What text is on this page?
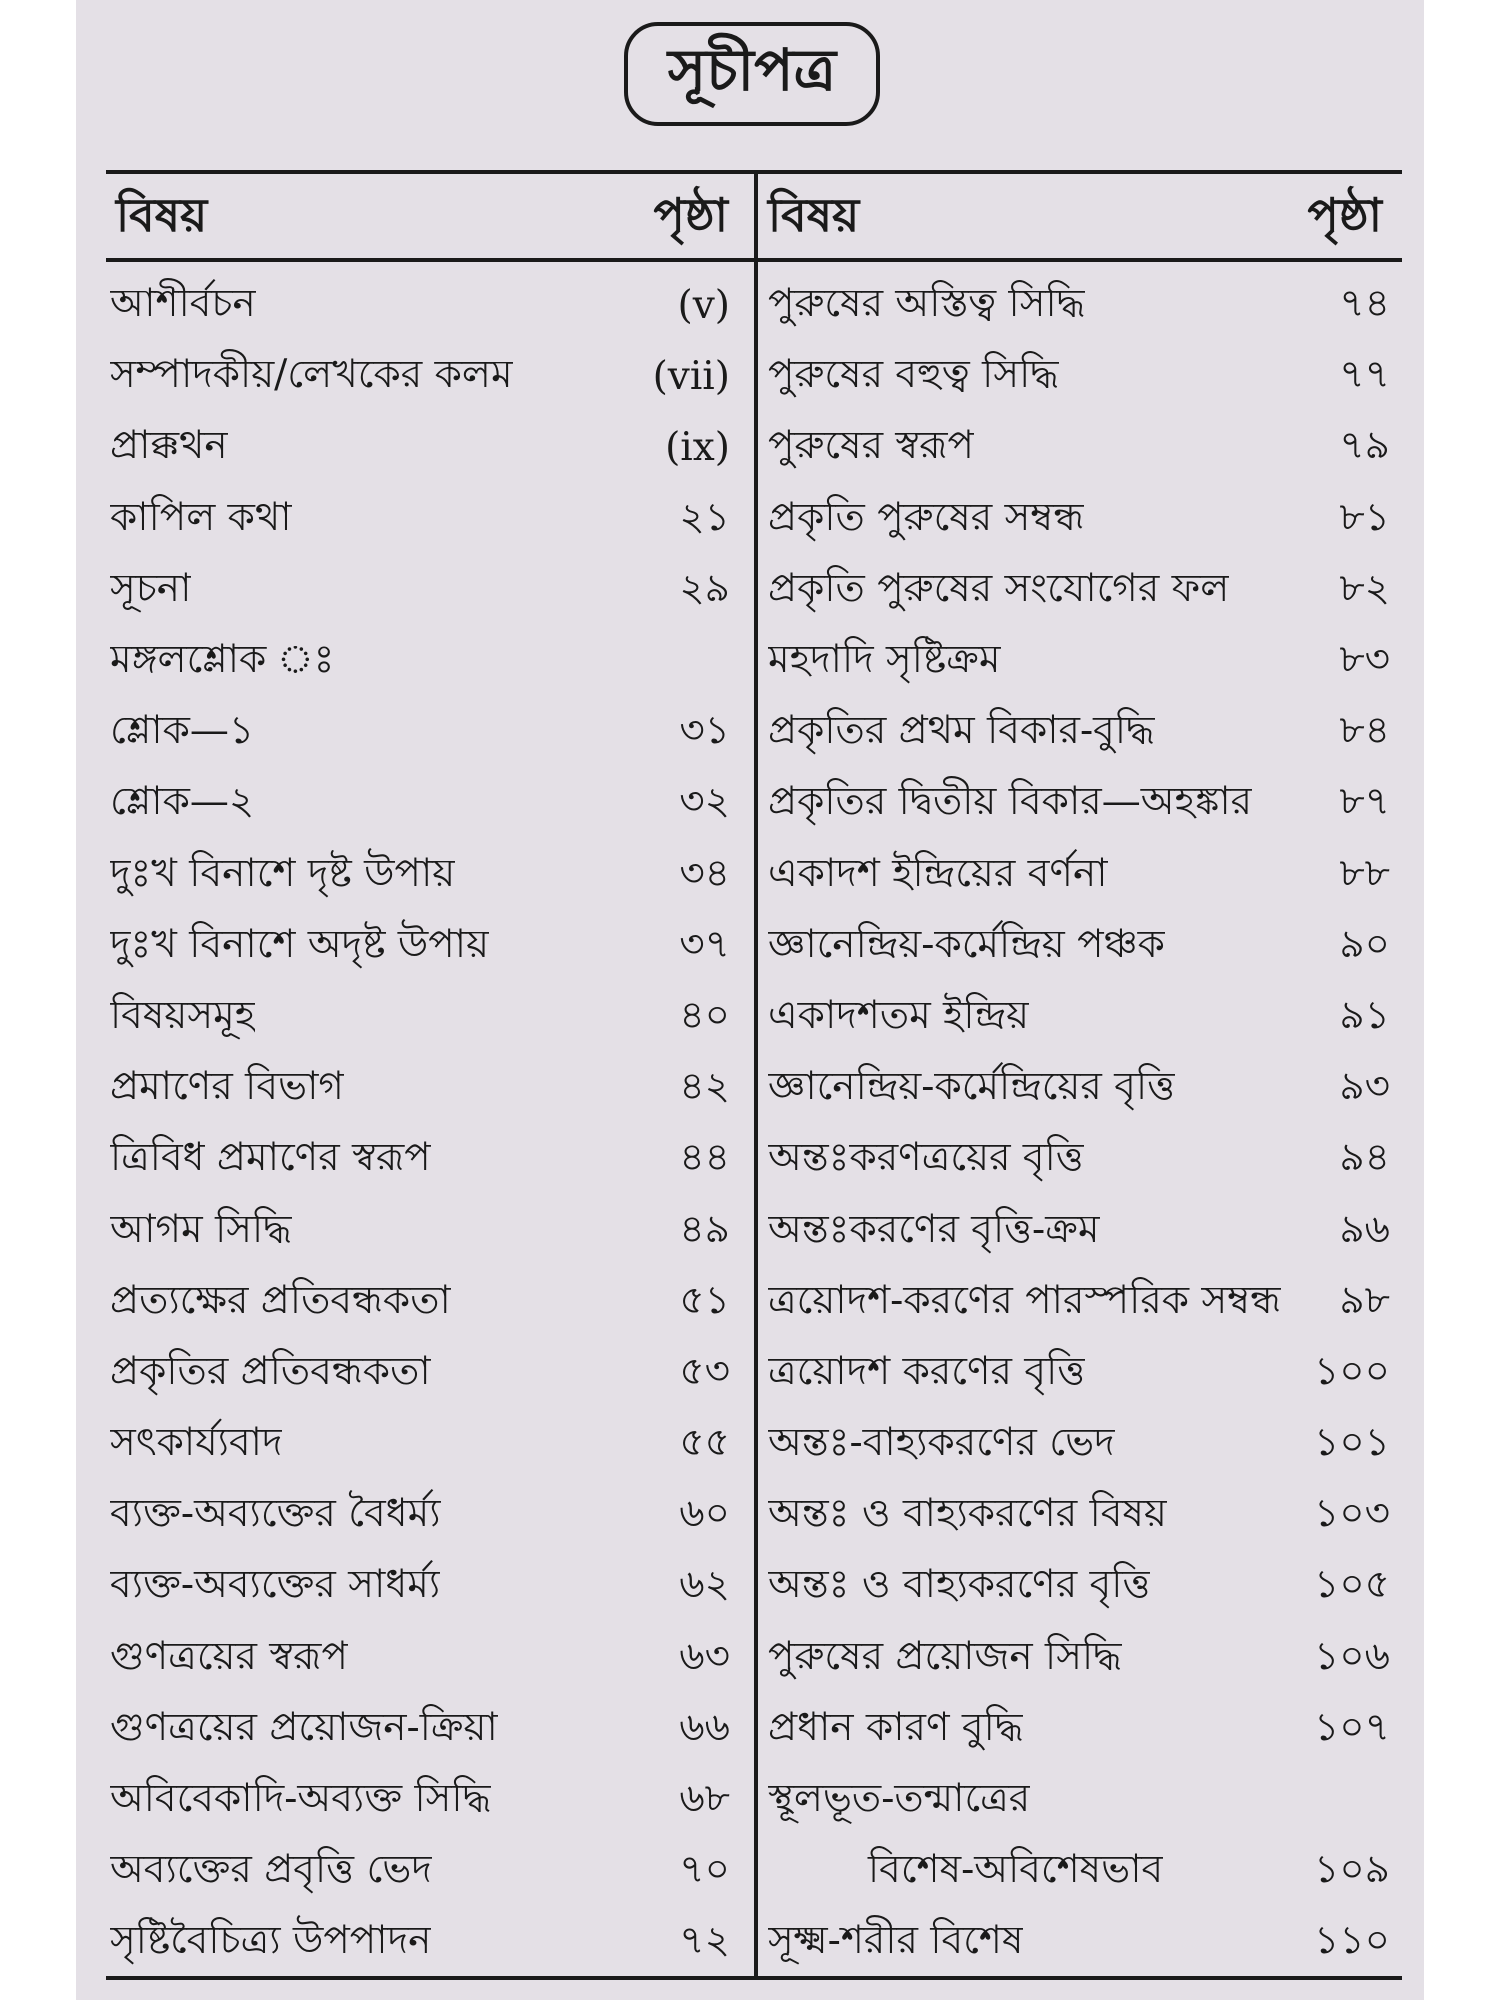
সূচীপত্র
বিষয়	পৃষ্ঠা বিষয়	পৃষ্ঠা
আশীর্বচন	(v)
সম্পাদকীয়/লেখকের কলম	(vii)
প্রাক্কথন	(ix)
কাপিল কথা	২১
সূচনা	২৯
মঙ্গলশ্লোক ঃ
শ্লোক—১	৩১
শ্লোক—২	৩২
দুঃখ বিনাশে দৃষ্ট উপায়	৩৪
দুঃখ বিনাশে অদৃষ্ট উপায়	৩৭
বিষয়সমূহ	৪০
প্রমাণের বিভাগ	৪২
ত্রিবিধ প্রমাণের স্বরূপ	৪৪
আগম সিদ্ধি	৪৯
প্রত্যক্ষের প্রতিবন্ধকতা	৫১
প্রকৃতির প্রতিবন্ধকতা	৫৩
সৎকার্য্যবাদ	৫৫
ব্যক্ত-অব্যক্তের বৈধর্ম্য	৬০
ব্যক্ত-অব্যক্তের সাধর্ম্য	৬২
গুণত্রয়ের স্বরূপ	৬৩
গুণত্রয়ের প্রয়োজন-ক্রিয়া	৬৬
অবিবেকাদি-অব্যক্ত সিদ্ধি	৬৮
অব্যক্তের প্রবৃত্তি ভেদ	৭০
সৃষ্টিবৈচিত্র্য উপপাদন	৭২
পুরুষের অস্তিত্ব সিদ্ধি	৭৪
পুরুষের বহুত্ব সিদ্ধি	৭৭
পুরুষের স্বরূপ	৭৯
প্রকৃতি পুরুষের সম্বন্ধ	৮১
প্রকৃতি পুরুষের সংযোগের ফল	৮২
মহদাদি সৃষ্টিক্রম	৮৩
প্রকৃতির প্রথম বিকার-বুদ্ধি	৮৪
প্রকৃতির দ্বিতীয় বিকার—অহঙ্কার ৮৭
একাদশ ইন্দ্রিয়ের বর্ণনা	৮৮
জ্ঞানেন্দ্রিয়-কর্মেন্দ্রিয় পঞ্চক	৯০
একাদশতম ইন্দ্রিয়	৯১
জ্ঞানেন্দ্রিয়-কর্মেন্দ্রিয়ের বৃত্তি	৯৩
অন্তঃকরণত্রয়ের বৃত্তি	৯৪
অন্তঃকরণের বৃত্তি-ক্রম	৯৬
ত্রয়োদশ-করণের পারস্পরিক সম্বন্ধ ৯৮
ত্রয়োদশ করণের বৃত্তি	১০০
অন্তঃ-বাহ্যকরণের ভেদ	১০১
অন্তঃ ও বাহ্যকরণের বিষয়	১০৩
অন্তঃ ও বাহ্যকরণের বৃত্তি	১০৫
পুরুষের প্রয়োজন সিদ্ধি	১০৬
প্রধান কারণ বুদ্ধি	১০৭
স্থূলভূত-তন্মাত্রের
বিশেষ-অবিশেষভাব	১০৯
সূক্ষ্ম-শরীর বিশেষ	১১০
